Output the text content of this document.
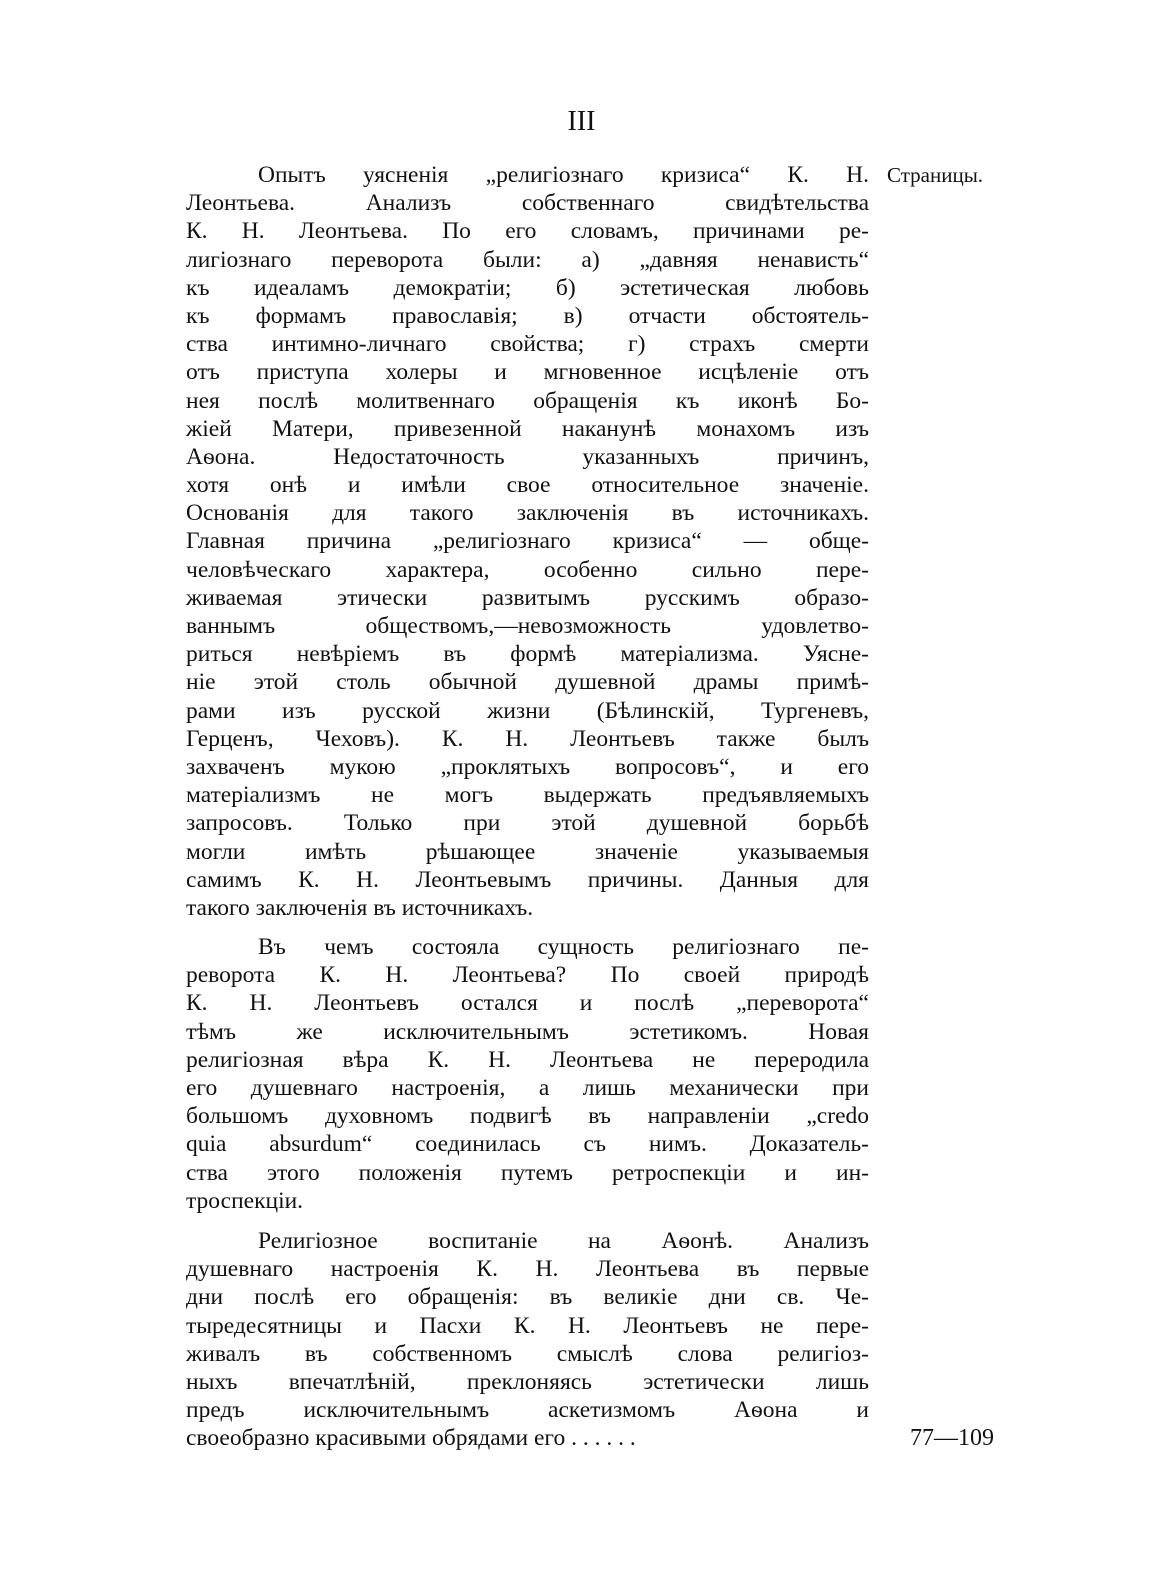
III
Опытъ уясненія „религіознаго кризиса“ К. Н.
Леонтьева. Анализъ собственнаго свидѣтельства
К. Н. Леонтьева. По его словамъ, причинами ре-
лигіознаго переворота были: а) „давняя ненависть“
къ идеаламъ демократіи; б) эстетическая любовь
къ формамъ православія; в) отчасти обстоятель-
ства интимно-личнаго свойства; г) страхъ смерти
отъ приступа холеры и мгновенное исцѣленіе отъ
нея послѣ молитвеннаго обращенія къ иконѣ Бо-
жіей Матери, привезенной наканунѣ монахомъ изъ
Аѳона. Недостаточность указанныхъ причинъ,
хотя онѣ и имѣли свое относительное значеніе.
Основанія для такого заключенія въ источникахъ.
Главная причина „религіознаго кризиса“ — обще-
человѣческаго характера, особенно сильно пере-
живаемая этически развитымъ русскимъ образо-
ваннымъ обществомъ,—невозможность удовлетво-
риться невѣріемъ въ формѣ матеріализма. Уясне-
ніе этой столь обычной душевной драмы примѣ-
рами изъ русской жизни (Бѣлинскій, Тургеневъ,
Герценъ, Чеховъ). К. Н. Леонтьевъ также былъ
захваченъ мукою „проклятыхъ вопросовъ“, и его
матеріализмъ не могъ выдержать предъявляемыхъ
запросовъ. Только при этой душевной борьбѣ
могли имѣть рѣшающее значеніе указываемыя
самимъ К. Н. Леонтьевымъ причины. Данныя для
такого заключенія въ источникахъ.
Въ чемъ состояла сущность религіознаго пе-
реворота К. Н. Леонтьева? По своей природѣ
К. Н. Леонтьевъ остался и послѣ „переворота“
тѣмъ же исключительнымъ эстетикомъ. Новая
религіозная вѣра К. Н. Леонтьева не переродила
его душевнаго настроенія, а лишь механически при
большомъ духовномъ подвигѣ въ направленіи „credo
quia absurdum“ соединилась съ нимъ. Доказатель-
ства этого положенія путемъ ретроспекціи и ин-
троспекціи.
Религіозное воспитаніе на Аѳонѣ. Анализъ
душевнаго настроенія К. Н. Леонтьева въ первые
дни послѣ его обращенія: въ великіе дни св. Че-
тыредесятницы и Пасхи К. Н. Леонтьевъ не пере-
живалъ въ собственномъ смыслѣ слова религіоз-
ныхъ впечатлѣній, преклоняясь эстетически лишь
предъ исключительнымъ аскетизмомъ Аѳона и
своеобразно красивыми обрядами его . . . . . .
Страницы.
77—109
